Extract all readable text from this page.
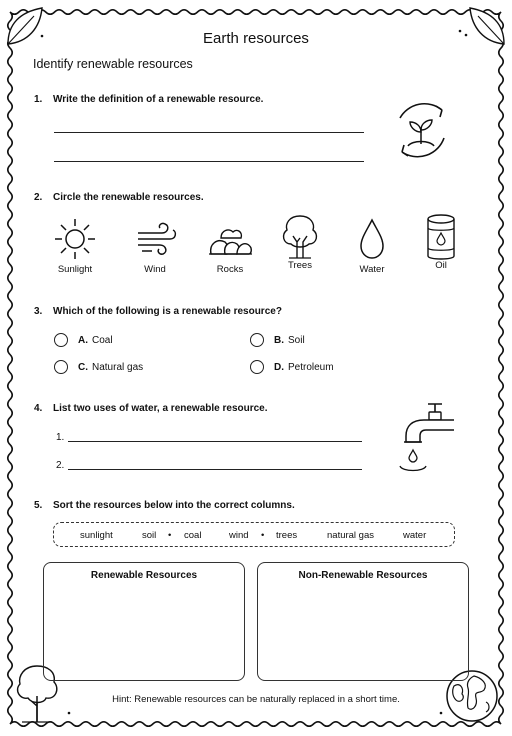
Earth resources
Identify renewable resources
1. Write the definition of a renewable resource.
2. Circle the renewable resources.
Sunlight	Wind	Rocks	Trees	Water	Oil
3. Which of the following is a renewable resource?
A. Coal	B. Soil
C. Natural gas	D. Petroleum
4. List two uses of water, a renewable resource.
1.
2.
5. Sort the resources below into the correct columns.
sunlight	soil • coal	wind • trees	natural gas	water
Renewable Resources	Non-Renewable Resources
Hint: Renewable resources can be naturally replaced in a short time.
